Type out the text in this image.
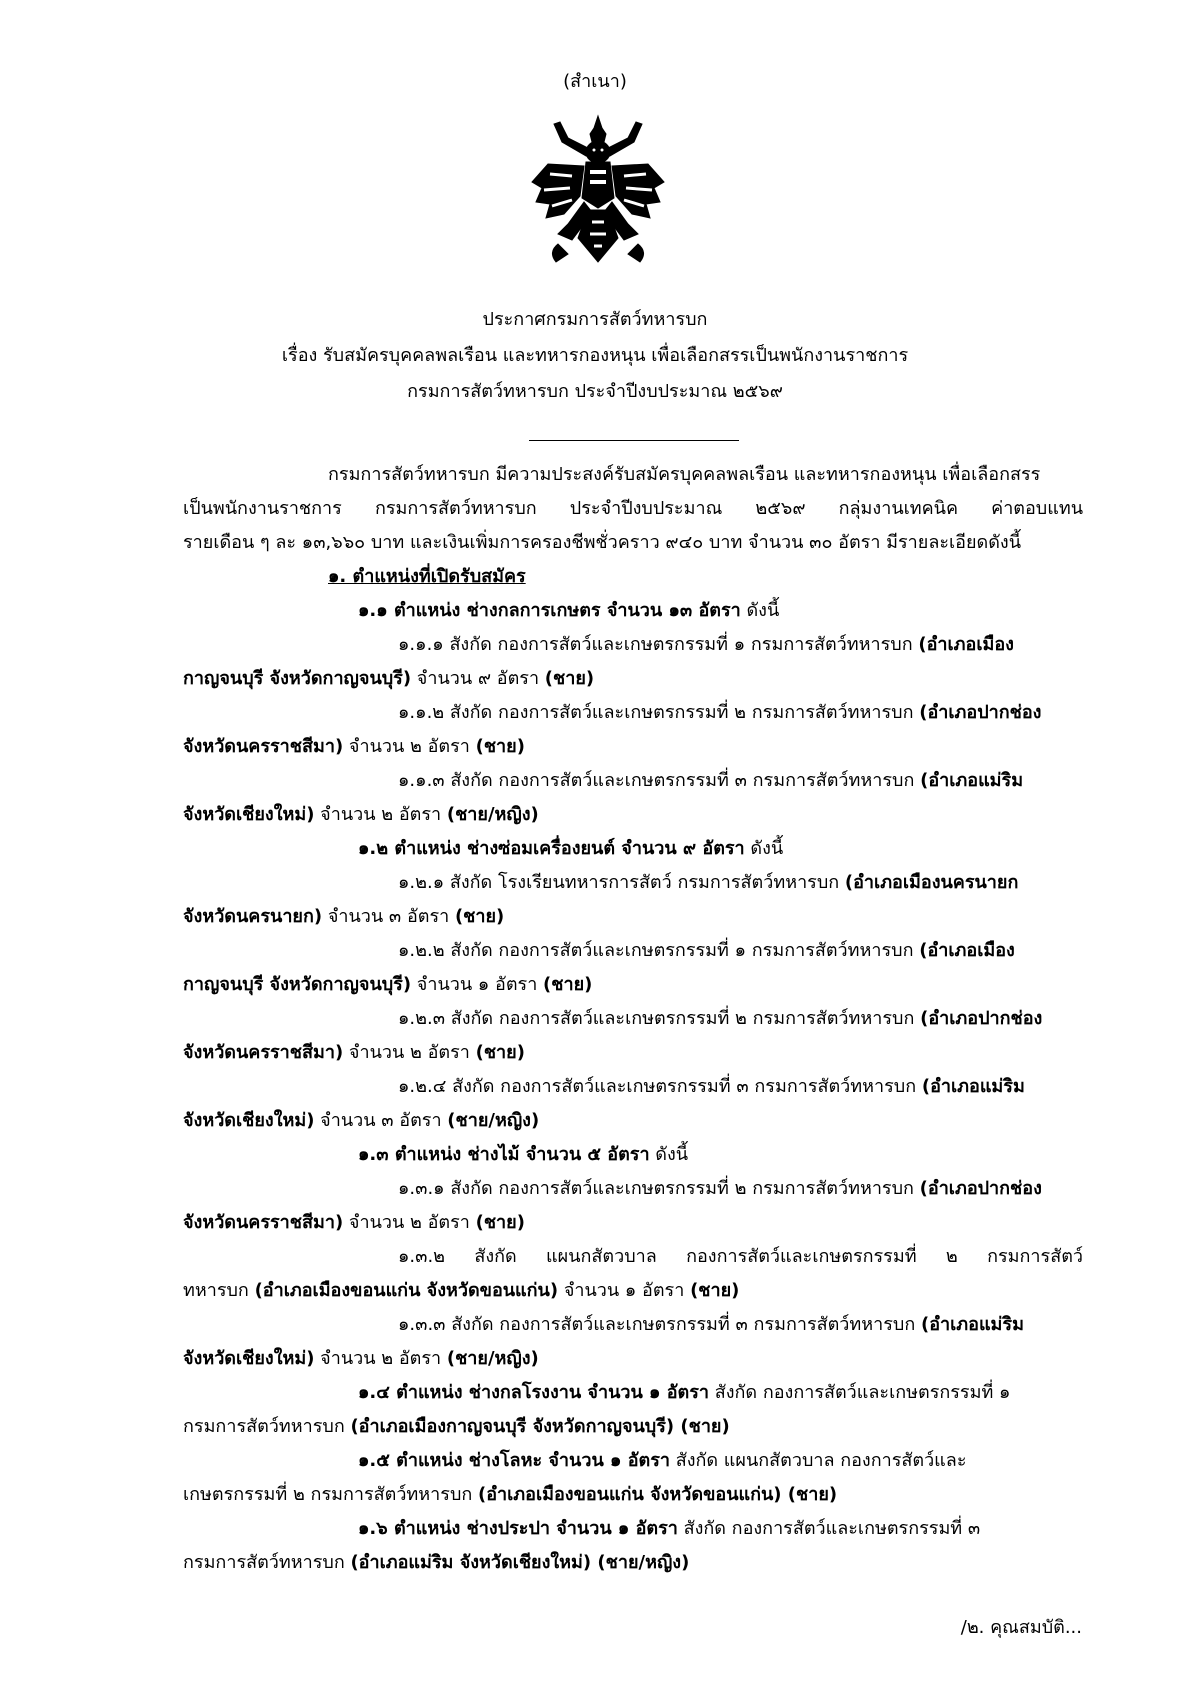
(สำเนา)
ประกาศกรมการสัตว์ทหารบก
เรื่อง รับสมัครบุคคลพลเรือน และทหารกองหนุน เพื่อเลือกสรรเป็นพนักงานราชการ
กรมการสัตว์ทหารบก ประจำปีงบประมาณ ๒๕๖๙
กรมการสัตว์ทหารบก มีความประสงค์รับสมัครบุคคลพลเรือน และทหารกองหนุน เพื่อเลือกสรร
เป็นพนักงานราชการ กรมการสัตว์ทหารบก ประจำปีงบประมาณ ๒๕๖๙ กลุ่มงานเทคนิค ค่าตอบแทน
รายเดือน ๆ ละ ๑๓,๖๖๐ บาท และเงินเพิ่มการครองชีพชั่วคราว ๙๔๐ บาท จำนวน ๓๐ อัตรา มีรายละเอียดดังนี้
๑. ตำแหน่งที่เปิดรับสมัคร
๑.๑ ตำแหน่ง ช่างกลการเกษตร จำนวน ๑๓ อัตรา ดังนี้
๑.๑.๑ สังกัด กองการสัตว์และเกษตรกรรมที่ ๑ กรมการสัตว์ทหารบก (อำเภอเมือง
กาญจนบุรี จังหวัดกาญจนบุรี) จำนวน ๙ อัตรา (ชาย)
๑.๑.๒ สังกัด กองการสัตว์และเกษตรกรรมที่ ๒ กรมการสัตว์ทหารบก (อำเภอปากช่อง
จังหวัดนครราชสีมา) จำนวน ๒ อัตรา (ชาย)
๑.๑.๓ สังกัด กองการสัตว์และเกษตรกรรมที่ ๓ กรมการสัตว์ทหารบก (อำเภอแม่ริม
จังหวัดเชียงใหม่) จำนวน ๒ อัตรา (ชาย/หญิง)
๑.๒ ตำแหน่ง ช่างซ่อมเครื่องยนต์ จำนวน ๙ อัตรา ดังนี้
๑.๒.๑ สังกัด โรงเรียนทหารการสัตว์ กรมการสัตว์ทหารบก (อำเภอเมืองนครนายก
จังหวัดนครนายก) จำนวน ๓ อัตรา (ชาย)
๑.๒.๒ สังกัด กองการสัตว์และเกษตรกรรมที่ ๑ กรมการสัตว์ทหารบก (อำเภอเมือง
กาญจนบุรี จังหวัดกาญจนบุรี) จำนวน ๑ อัตรา (ชาย)
๑.๒.๓ สังกัด กองการสัตว์และเกษตรกรรมที่ ๒ กรมการสัตว์ทหารบก (อำเภอปากช่อง
จังหวัดนครราชสีมา) จำนวน ๒ อัตรา (ชาย)
๑.๒.๔ สังกัด กองการสัตว์และเกษตรกรรมที่ ๓ กรมการสัตว์ทหารบก (อำเภอแม่ริม
จังหวัดเชียงใหม่) จำนวน ๓ อัตรา (ชาย/หญิง)
๑.๓ ตำแหน่ง ช่างไม้ จำนวน ๕ อัตรา ดังนี้
๑.๓.๑ สังกัด กองการสัตว์และเกษตรกรรมที่ ๒ กรมการสัตว์ทหารบก (อำเภอปากช่อง
จังหวัดนครราชสีมา) จำนวน ๒ อัตรา (ชาย)
๑.๓.๒ สังกัด แผนกสัตวบาล กองการสัตว์และเกษตรกรรมที่ ๒ กรมการสัตว์
ทหารบก (อำเภอเมืองขอนแก่น จังหวัดขอนแก่น) จำนวน ๑ อัตรา (ชาย)
๑.๓.๓ สังกัด กองการสัตว์และเกษตรกรรมที่ ๓ กรมการสัตว์ทหารบก (อำเภอแม่ริม
จังหวัดเชียงใหม่) จำนวน ๒ อัตรา (ชาย/หญิง)
๑.๔ ตำแหน่ง ช่างกลโรงงาน จำนวน ๑ อัตรา สังกัด กองการสัตว์และเกษตรกรรมที่ ๑
กรมการสัตว์ทหารบก (อำเภอเมืองกาญจนบุรี จังหวัดกาญจนบุรี) (ชาย)
๑.๕ ตำแหน่ง ช่างโลหะ จำนวน ๑ อัตรา สังกัด แผนกสัตวบาล กองการสัตว์และ
เกษตรกรรมที่ ๒ กรมการสัตว์ทหารบก (อำเภอเมืองขอนแก่น จังหวัดขอนแก่น) (ชาย)
๑.๖ ตำแหน่ง ช่างประปา จำนวน ๑ อัตรา สังกัด กองการสัตว์และเกษตรกรรมที่ ๓
กรมการสัตว์ทหารบก (อำเภอแม่ริม จังหวัดเชียงใหม่) (ชาย/หญิง)
/๒. คุณสมบัติ...
